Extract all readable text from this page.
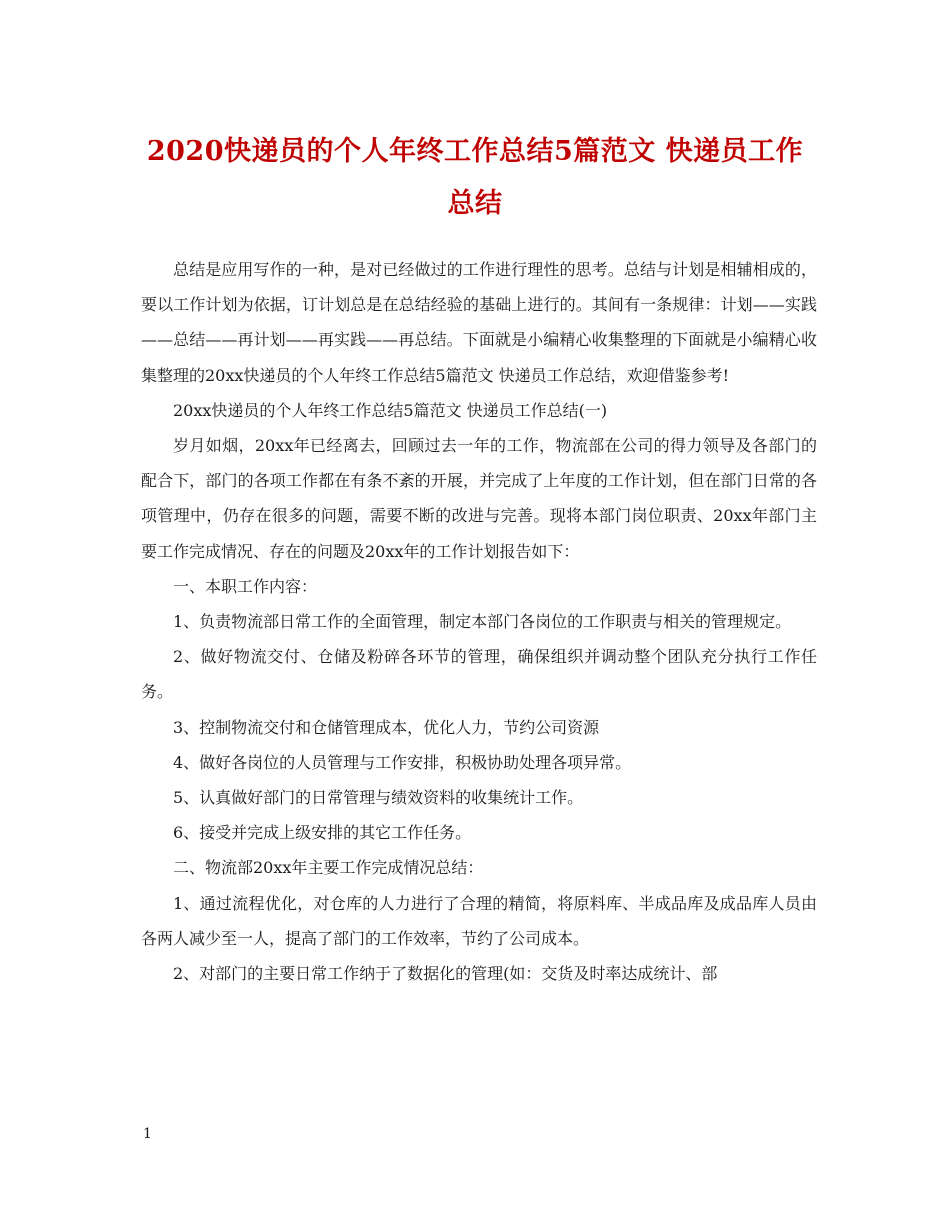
2020快递员的个人年终工作总结5篇范文 快递员工作
总结

总结是应用写作的一种，是对已经做过的工作进行理性的思考。总结与计划是相辅相成的，要以工作计划为依据，订计划总是在总结经验的基础上进行的。其间有一条规律：计划——实践——总结——再计划——再实践——再总结。下面就是小编精心收集整理的下面就是小编精心收集整理的20xx快递员的个人年终工作总结5篇范文 快递员工作总结，欢迎借鉴参考!

20xx快递员的个人年终工作总结5篇范文 快递员工作总结(一)

岁月如烟，20xx年已经离去，回顾过去一年的工作，物流部在公司的得力领导及各部门的配合下，部门的各项工作都在有条不紊的开展，并完成了上年度的工作计划，但在部门日常的各项管理中，仍存在很多的问题，需要不断的改进与完善。现将本部门岗位职责、20xx年部门主要工作完成情况、存在的问题及20xx年的工作计划报告如下：

一、本职工作内容：

1、负责物流部日常工作的全面管理，制定本部门各岗位的工作职责与相关的管理规定。

2、做好物流交付、仓储及粉碎各环节的管理，确保组织并调动整个团队充分执行工作任务。

3、控制物流交付和仓储管理成本，优化人力，节约公司资源

4、做好各岗位的人员管理与工作安排，积极协助处理各项异常。

5、认真做好部门的日常管理与绩效资料的收集统计工作。

6、接受并完成上级安排的其它工作任务。

二、物流部20xx年主要工作完成情况总结：

1、通过流程优化，对仓库的人力进行了合理的精简，将原料库、半成品库及成品库人员由各两人减少至一人，提高了部门的工作效率，节约了公司成本。

2、对部门的主要日常工作纳于了数据化的管理(如：交货及时率达成统计、部

1
